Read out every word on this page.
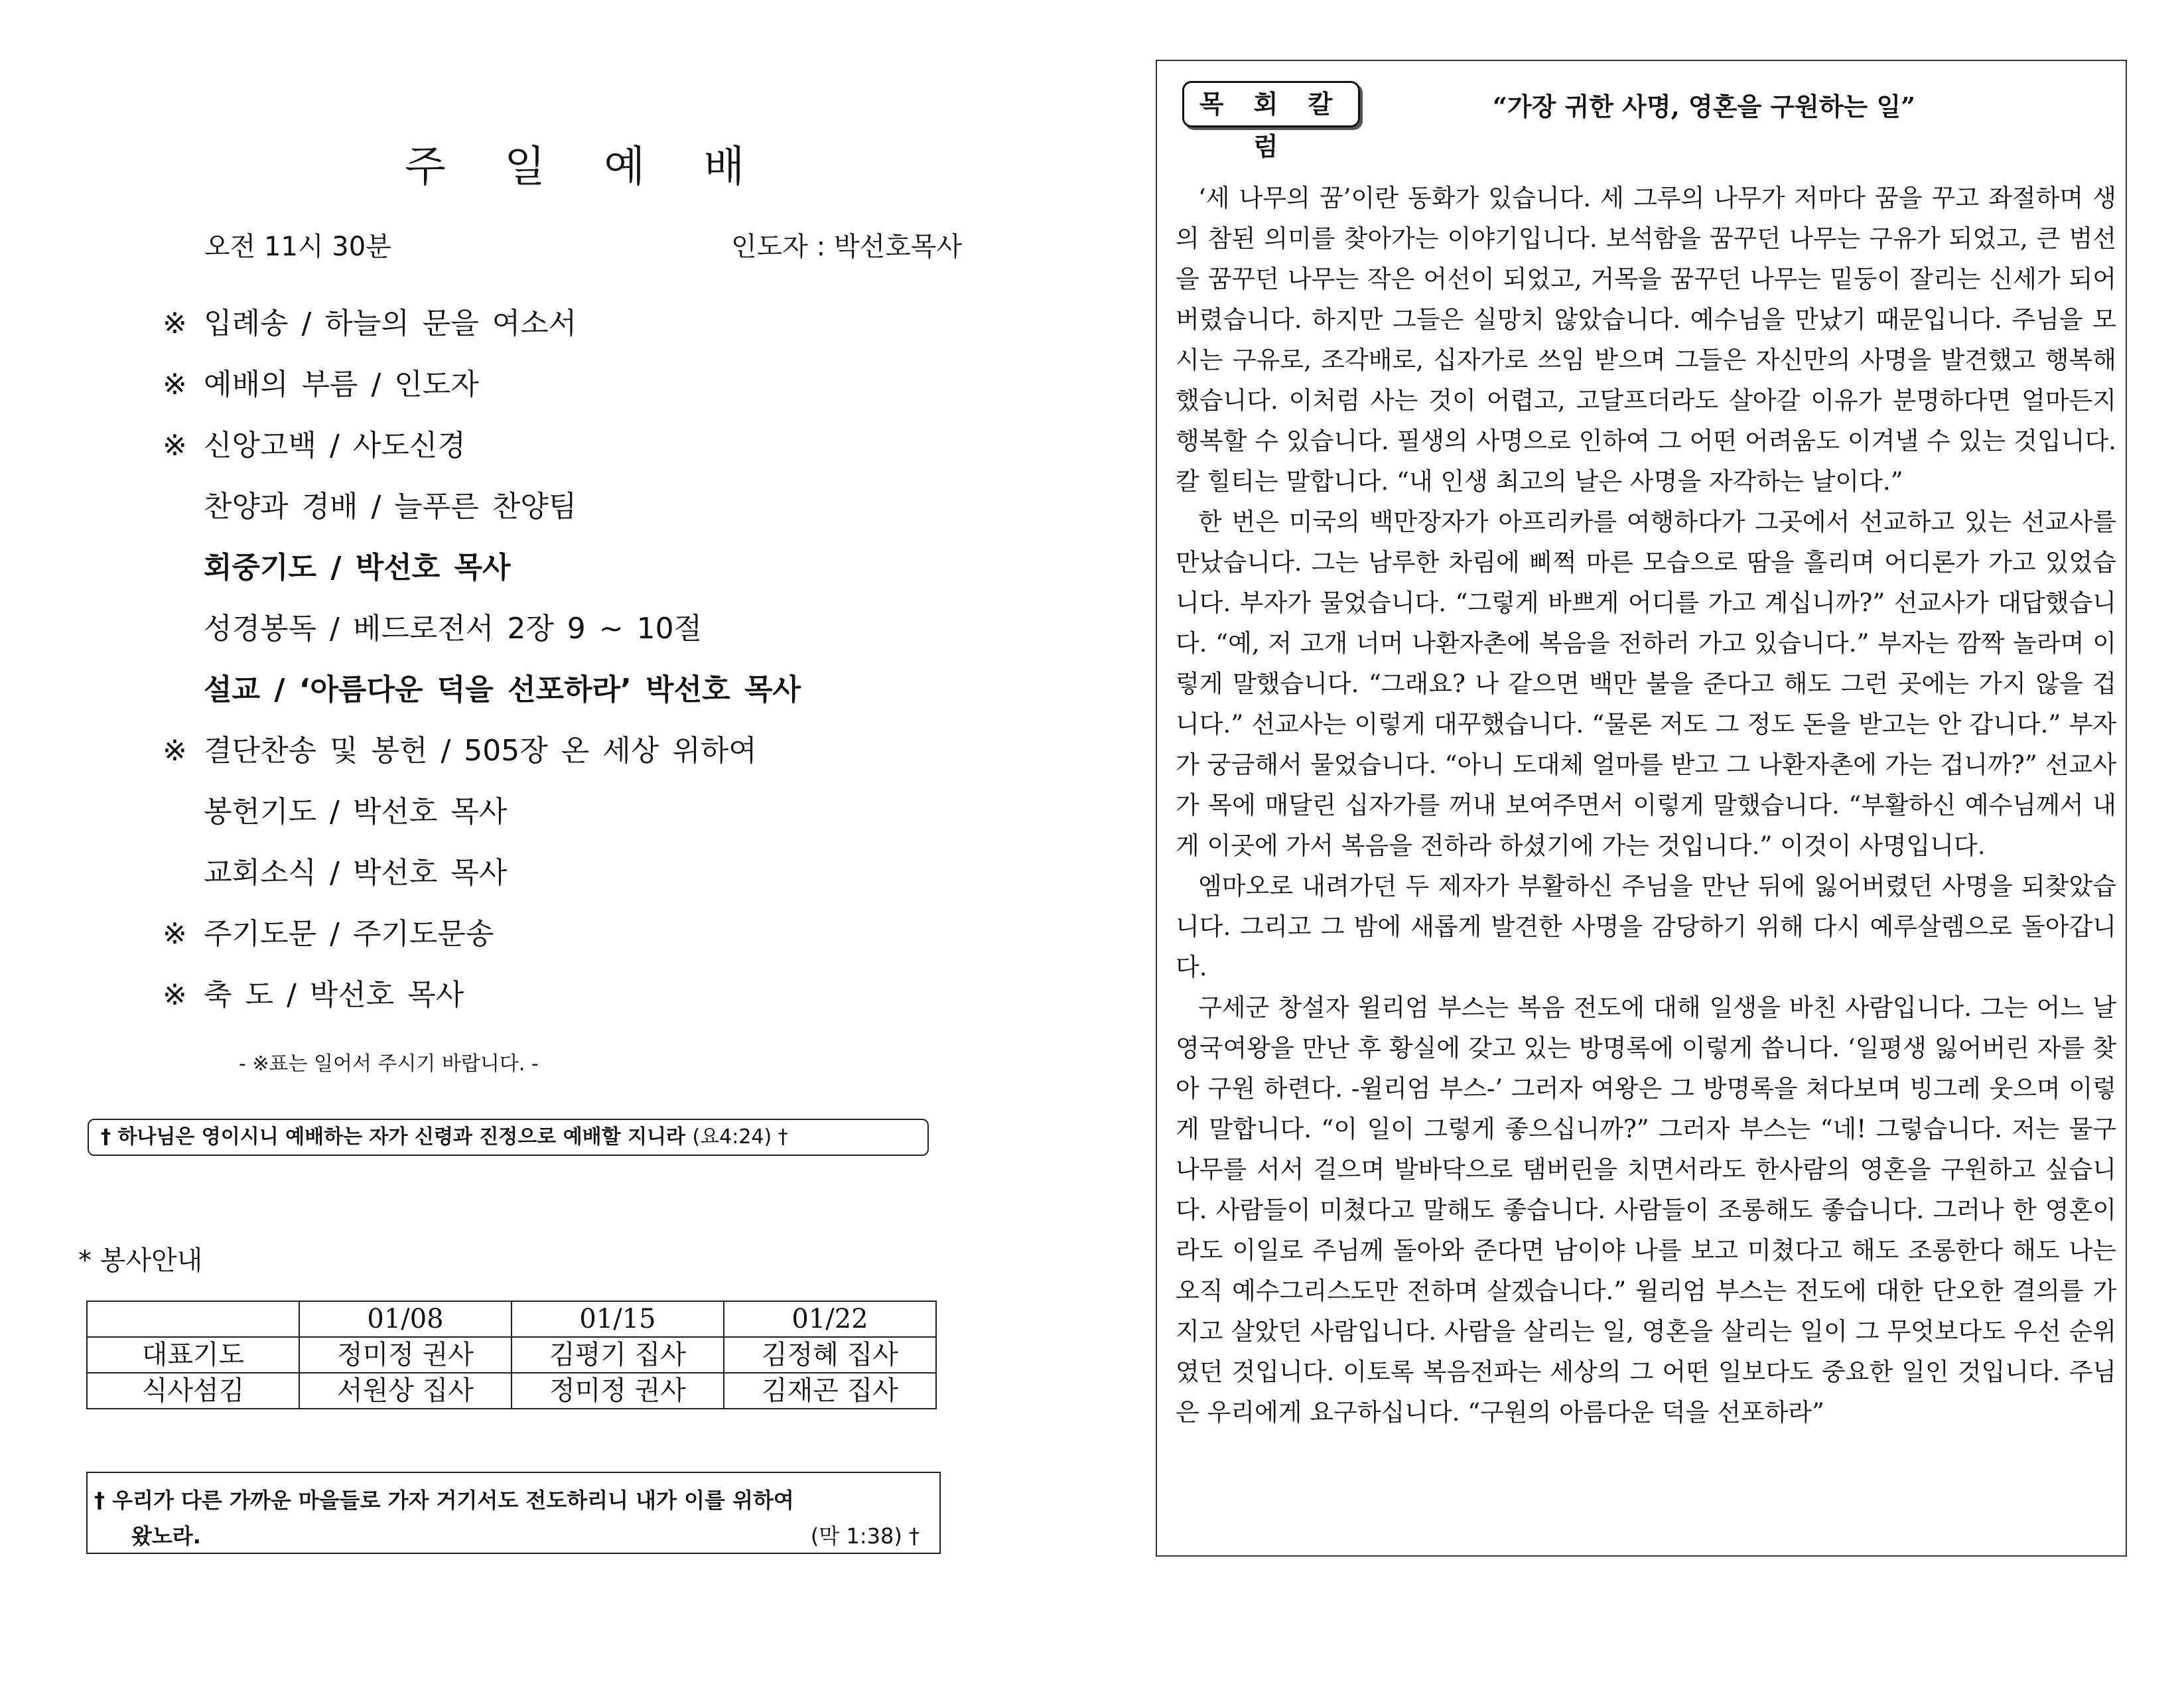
주 일 예 배
오전 11시 30분	인도자 : 박선호목사
※ 입례송 / 하늘의 문을 여소서
※ 예배의 부름 / 인도자
※ 신앙고백 / 사도신경
찬양과 경배 / 늘푸른 찬양팀
회중기도 / 박선호 목사
성경봉독 / 베드로전서 2장 9 ~ 10절
설교 / ‘아름다운 덕을 선포하라’ 박선호 목사
※ 결단찬송 및 봉헌 / 505장 온 세상 위하여
봉헌기도 / 박선호 목사
교회소식 / 박선호 목사
※ 주기도문 / 주기도문송
※ 축 도 / 박선호 목사
- ※표는 일어서 주시기 바랍니다. -
† 하나님은 영이시니 예배하는 자가 신령과 진정으로 예배할 지니라 (요4:24) †
* 봉사안내
	01/08	01/15	01/22
대표기도	정미정 권사	김평기 집사	김정혜 집사
식사섬김	서원상 집사	정미정 권사	김재곤 집사
† 우리가 다른 가까운 마을들로 가자 거기서도 전도하리니 내가 이를 위하여
왔노라.	(막 1:38) †
목 회 칼 럼
“가장 귀한 사명, 영혼을 구원하는 일”

‘세 나무의 꿈’이란 동화가 있습니다. 세 그루의 나무가 저마다 꿈을 꾸고 좌절하며 생의 참된 의미를 찾아가는 이야기입니다. 보석함을 꿈꾸던 나무는 구유가 되었고, 큰 범선을 꿈꾸던 나무는 작은 어선이 되었고, 거목을 꿈꾸던 나무는 밑둥이 잘리는 신세가 되어버렸습니다. 하지만 그들은 실망치 않았습니다. 예수님을 만났기 때문입니다. 주님을 모시는 구유로, 조각배로, 십자가로 쓰임 받으며 그들은 자신만의 사명을 발견했고 행복해했습니다. 이처럼 사는 것이 어렵고, 고달프더라도 살아갈 이유가 분명하다면 얼마든지 행복할 수 있습니다. 필생의 사명으로 인하여 그 어떤 어려움도 이겨낼 수 있는 것입니다. 칼 힐티는 말합니다. “내 인생 최고의 날은 사명을 자각하는 날이다.”

한 번은 미국의 백만장자가 아프리카를 여행하다가 그곳에서 선교하고 있는 선교사를 만났습니다. 그는 남루한 차림에 삐쩍 마른 모습으로 땀을 흘리며 어디론가 가고 있었습니다. 부자가 물었습니다. “그렇게 바쁘게 어디를 가고 계십니까?” 선교사가 대답했습니다. “예, 저 고개 너머 나환자촌에 복음을 전하러 가고 있습니다.” 부자는 깜짝 놀라며 이렇게 말했습니다. “그래요? 나 같으면 백만 불을 준다고 해도 그런 곳에는 가지 않을 겁니다.” 선교사는 이렇게 대꾸했습니다. “물론 저도 그 정도 돈을 받고는 안 갑니다.” 부자가 궁금해서 물었습니다. “아니 도대체 얼마를 받고 그 나환자촌에 가는 겁니까?” 선교사가 목에 매달린 십자가를 꺼내 보여주면서 이렇게 말했습니다. “부활하신 예수님께서 내게 이곳에 가서 복음을 전하라 하셨기에 가는 것입니다.” 이것이 사명입니다.

엠마오로 내려가던 두 제자가 부활하신 주님을 만난 뒤에 잃어버렸던 사명을 되찾았습니다. 그리고 그 밤에 새롭게 발견한 사명을 감당하기 위해 다시 예루살렘으로 돌아갑니다.

구세군 창설자 윌리엄 부스는 복음 전도에 대해 일생을 바친 사람입니다. 그는 어느 날 영국여왕을 만난 후 황실에 갖고 있는 방명록에 이렇게 씁니다. ‘일평생 잃어버린 자를 찾아 구원 하련다. -윌리엄 부스-’ 그러자 여왕은 그 방명록을 쳐다보며 빙그레 웃으며 이렇게 말합니다. “이 일이 그렇게 좋으십니까?” 그러자 부스는 “네! 그렇습니다. 저는 물구나무를 서서 걸으며 발바닥으로 탬버린을 치면서라도 한사람의 영혼을 구원하고 싶습니다. 사람들이 미쳤다고 말해도 좋습니다. 사람들이 조롱해도 좋습니다. 그러나 한 영혼이라도 이일로 주님께 돌아와 준다면 남이야 나를 보고 미쳤다고 해도 조롱한다 해도 나는 오직 예수그리스도만 전하며 살겠습니다.” 윌리엄 부스는 전도에 대한 단오한 결의를 가지고 살았던 사람입니다. 사람을 살리는 일, 영혼을 살리는 일이 그 무엇보다도 우선 순위였던 것입니다. 이토록 복음전파는 세상의 그 어떤 일보다도 중요한 일인 것입니다. 주님은 우리에게 요구하십니다. “구원의 아름다운 덕을 선포하라”
